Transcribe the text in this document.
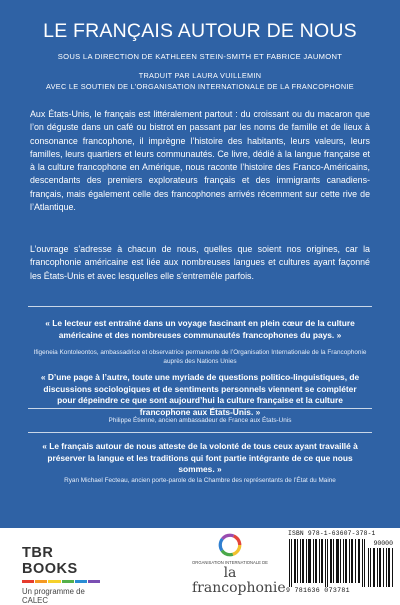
LE FRANÇAIS AUTOUR DE NOUS
SOUS LA DIRECTION DE KATHLEEN STEIN-SMITH ET FABRICE JAUMONT
TRADUIT PAR LAURA VUILLEMIN
AVEC LE SOUTIEN DE L’ORGANISATION INTERNATIONALE DE LA FRANCOPHONIE

Aux États-Unis, le français est littéralement partout : du croissant ou du macaron que l’on déguste dans un café ou bistrot en passant par les noms de famille et de lieux à consonance francophone, il imprègne l’histoire des habitants, leurs valeurs, leurs familles, leurs quartiers et leurs communautés. Ce livre, dédié à la langue française et à la culture francophone en Amérique, nous raconte l’histoire des Franco-Américains, descendants des premiers explorateurs français et des immigrants canadiens-français, mais également celle des francophones arrivés récemment sur cette rive de l’Atlantique.

L’ouvrage s’adresse à chacun de nous, quelles que soient nos origines, car la francophonie américaine est liée aux nombreuses langues et cultures ayant façonné les États-Unis et avec lesquelles elle s’entremêle parfois.

« Le lecteur est entraîné dans un voyage fascinant en plein cœur de la culture américaine et des nombreuses communautés francophones du pays. »

Ifigeneia Kontoleontos, ambassadrice et observatrice permanente de l’Organisation Internationale de la Francophonie auprès des Nations Unies

« D’une page à l’autre, toute une myriade de questions politico-linguistiques, de discussions sociologiques et de sentiments personnels viennent se compléter pour dépeindre ce que sont aujourd’hui la culture française et la culture francophone aux États-Unis. »

Philippe Étienne, ancien ambassadeur de France aux États-Unis

« Le français autour de nous atteste de la volonté de tous ceux ayant travaillé à préserver la langue et les traditions qui font partie intégrante de ce que nous sommes. »

Ryan Michael Fecteau, ancien porte-parole de la Chambre des représentants de l’État du Maine

TBR BOOKS
Un programme de CALEC
ORGANISATION INTERNATIONALE DE
la francophonie
ISBN 978-1-63607-378-1
90000
9 781636 073781
